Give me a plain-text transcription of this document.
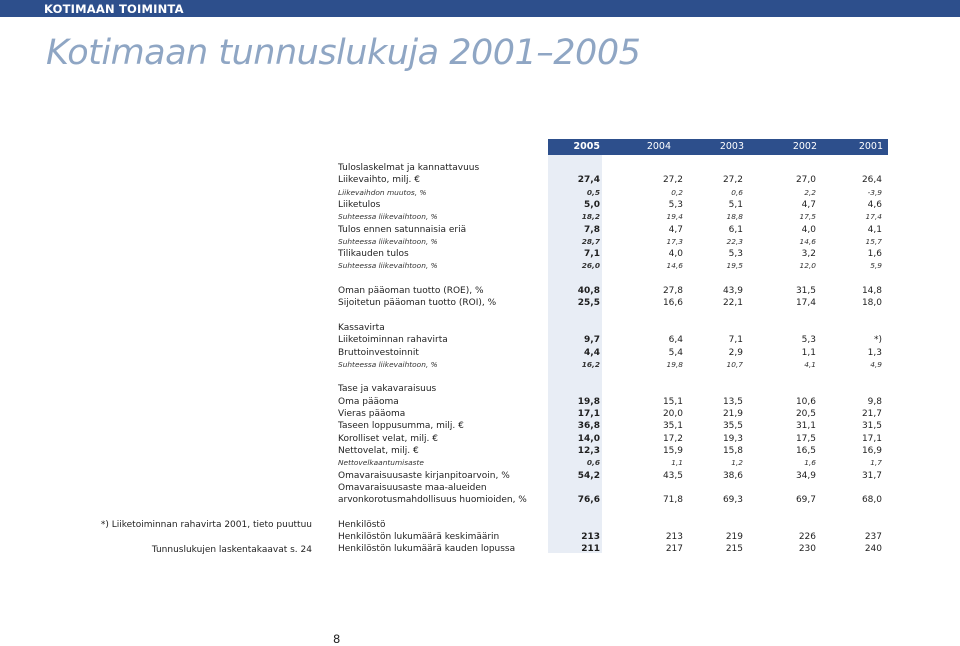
KOTIMAAN TOIMINTA
Kotimaan tunnuslukuja 2001–2005
2005	2004	2003	2002	2001
Tuloslaskelmat ja kannattavuus
Liikevaihto, milj. €	27,4	27,2	27,2	27,0	26,4
Liikevaihdon muutos, %	0,5	0,2	0,6	2,2	-3,9
Liiketulos	5,0	5,3	5,1	4,7	4,6
Suhteessa liikevaihtoon, %	18,2	19,4	18,8	17,5	17,4
Tulos ennen satunnaisia eriä	7,8	4,7	6,1	4,0	4,1
Suhteessa liikevaihtoon, %	28,7	17,3	22,3	14,6	15,7
Tilikauden tulos	7,1	4,0	5,3	3,2	1,6
Suhteessa liikevaihtoon, %	26,0	14,6	19,5	12,0	5,9
Oman pääoman tuotto (ROE), %	40,8	27,8	43,9	31,5	14,8
Sijoitetun pääoman tuotto (ROI), %	25,5	16,6	22,1	17,4	18,0
Kassavirta
Liiketoiminnan rahavirta	9,7	6,4	7,1	5,3	*)
Bruttoinvestoinnit	4,4	5,4	2,9	1,1	1,3
Suhteessa liikevaihtoon, %	16,2	19,8	10,7	4,1	4,9
Tase ja vakavaraisuus
Oma pääoma	19,8	15,1	13,5	10,6	9,8
Vieras pääoma	17,1	20,0	21,9	20,5	21,7
Taseen loppusumma, milj. €	36,8	35,1	35,5	31,1	31,5
Korolliset velat, milj. €	14,0	17,2	19,3	17,5	17,1
Nettovelat, milj. €	12,3	15,9	15,8	16,5	16,9
Nettovelkaantumisaste	0,6	1,1	1,2	1,6	1,7
Omavaraisuusaste kirjanpitoarvoin, %	54,2	43,5	38,6	34,9	31,7
Omavaraisuusaste maa-alueiden
arvonkorotusmahdollisuus huomioiden, %	76,6	71,8	69,3	69,7	68,0
Henkilöstö
Henkilöstön lukumäärä keskimäärin	213	213	219	226	237
Henkilöstön lukumäärä kauden lopussa	211	217	215	230	240
*) Liiketoiminnan rahavirta 2001, tieto puuttuu
Tunnuslukujen laskentakaavat s. 24
8
